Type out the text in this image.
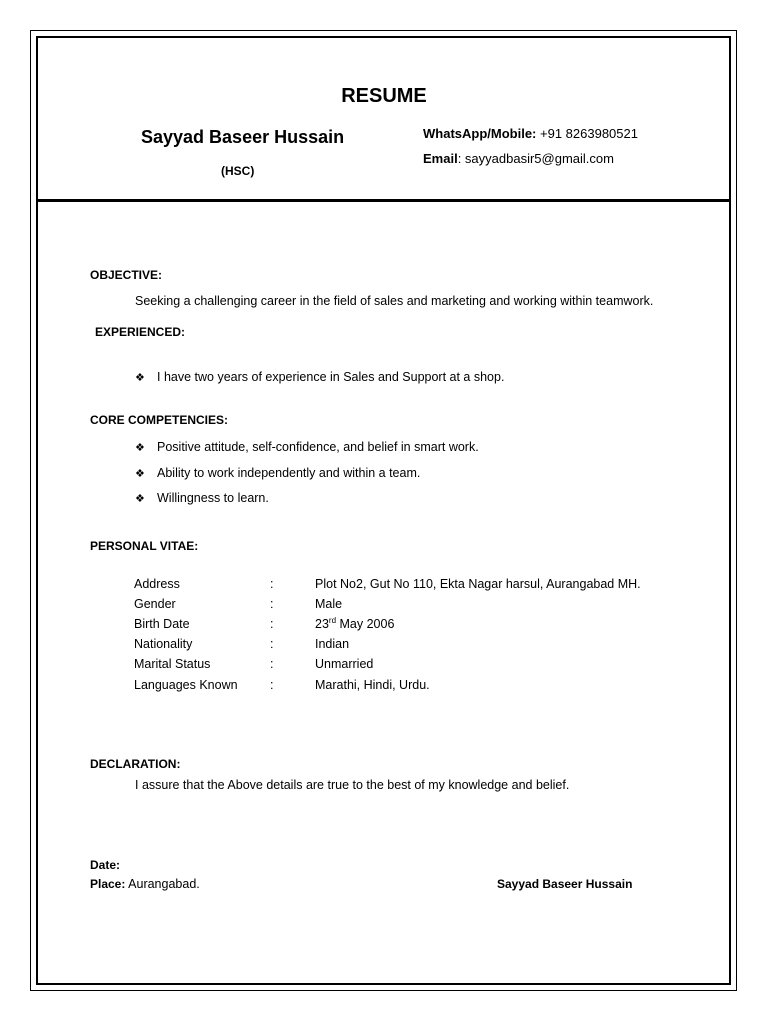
RESUME
Sayyad Baseer Hussain
(HSC)
WhatsApp/Mobile: +91 8263980521
Email: sayyadbasir5@gmail.com
OBJECTIVE:
Seeking a challenging career in the field of sales and marketing and working within teamwork.
EXPERIENCED:
❖ I have two years of experience in Sales and Support at a shop.
CORE COMPETENCIES:
❖ Positive attitude, self-confidence, and belief in smart work.
❖ Ability to work independently and within a team.
❖ Willingness to learn.
PERSONAL VITAE:
Address	:	Plot No2, Gut No 110, Ekta Nagar harsul, Aurangabad MH.
Gender	:	Male
Birth Date	:	23rd May 2006
Nationality	:	Indian
Marital Status	:	Unmarried
Languages Known	:	Marathi, Hindi, Urdu.
DECLARATION:
I assure that the Above details are true to the best of my knowledge and belief.
Date:
Place: Aurangabad.	Sayyad Baseer Hussain
